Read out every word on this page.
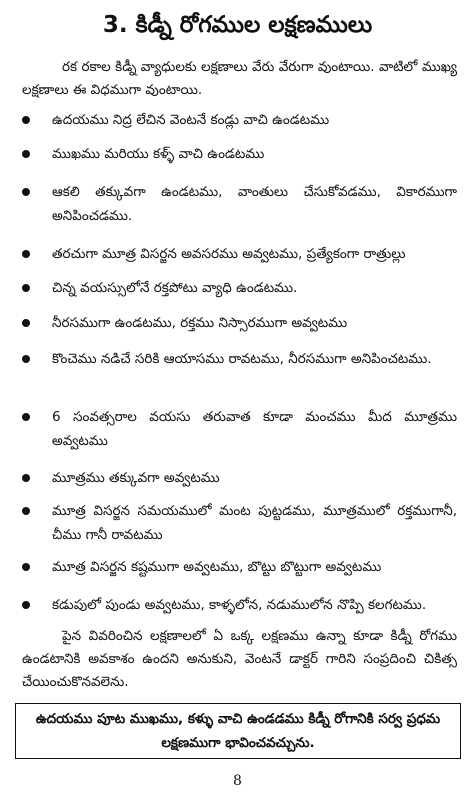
3. కిడ్నీ రోగముల లక్షణములు
రక రకాల కిడ్నీ వ్యాధులకు లక్షణాలు వేరు వేరుగా వుంటాయి. వాటిలో ముఖ్య లక్షణాలు ఈ విధముగా వుంటాయి.
ఉదయము నిద్ర లేచిన వెంటనే కండ్లు వాచి ఉండటము
ముఖము మరియు కళ్ళ్ వాచి ఉండటము
ఆకలి తక్కువగా ఉండటము, వాంతులు చేసుకోవడము, వికారముగా అనిపించడము.
తరచుగా మూత్ర విసర్జన అవసరము అవ్వటము, ప్రత్యేకంగా రాత్రుల్లు
చిన్న వయస్సులోనే రక్తపోటు వ్యాధి ఉండటము.
నీరసముగా ఉండటము, రక్తము నిస్సారముగా అవ్వటము
కొంచెము నడిచే సరికి ఆయాసము రావటము, నీరసముగా అనిపించటము.
6 సంవత్సరాల వయసు తరువాత కూడా మంచము మీద మూత్రము అవ్వటము
మూత్రము తక్కువగా అవ్వటము
మూత్ర విసర్జన సమయములో మంట పుట్టడము, మూత్రములో రక్తముగానీ, చీము గానీ రావటము
మూత్ర విసర్జన కష్టముగా అవ్వటము, బొట్టు బొట్టుగా అవ్వటము
కడుపులో పుండు అవ్వటము, కాళ్ళలోన, నడుములోన నొప్పి కలగటము.
పైన వివరించిన లక్షణాలలో ఏ ఒక్క లక్షణము ఉన్నా కూడా కిడ్నీ రోగము ఉండటానికి అవకాశం ఉందని అనుకుని, వెంటనే డాక్టర్ గారిని సంప్రదించి చికిత్స చేయించుకొనవలెను.
ఉదయము పూట ముఖము, కళ్ళు వాచి ఉండడము కిడ్నీ రోగానికి సర్వ ప్రధమ లక్షణముగా భావించవచ్చును.
8
